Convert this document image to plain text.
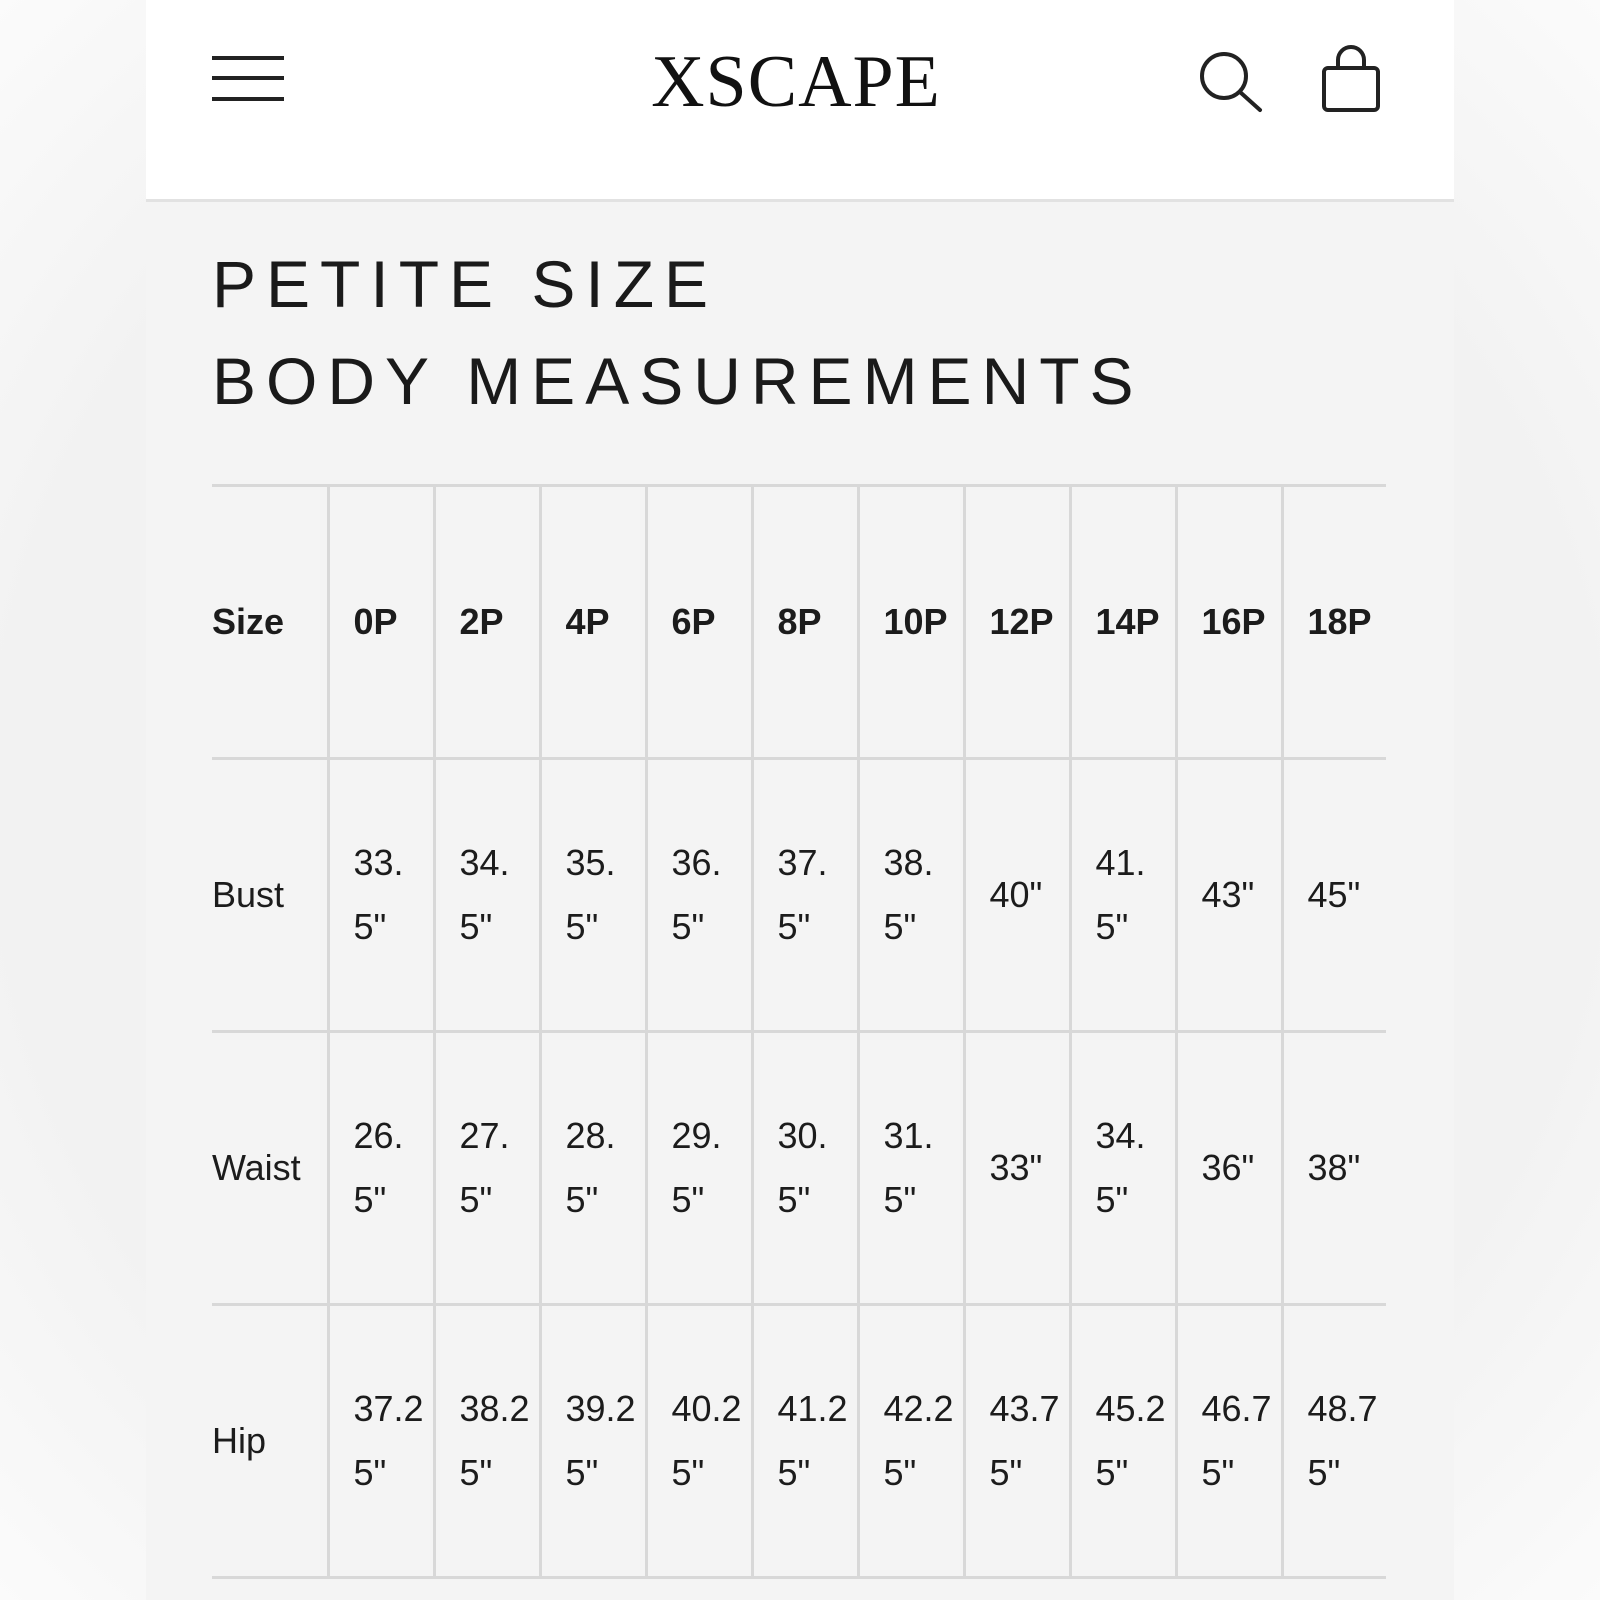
XSCAPE
PETITE SIZE
BODY MEASUREMENTS
Size	0P	2P	4P	6P	8P	10P	12P	14P	16P	18P
Bust	33.5"	34.5"	35.5"	36.5"	37.5"	38.5"	40"	41.5"	43"	45"
Waist	26.5"	27.5"	28.5"	29.5"	30.5"	31.5"	33"	34.5"	36"	38"
Hip	37.25"	38.25"	39.25"	40.25"	41.25"	42.25"	43.75"	45.25"	46.75"	48.75"
